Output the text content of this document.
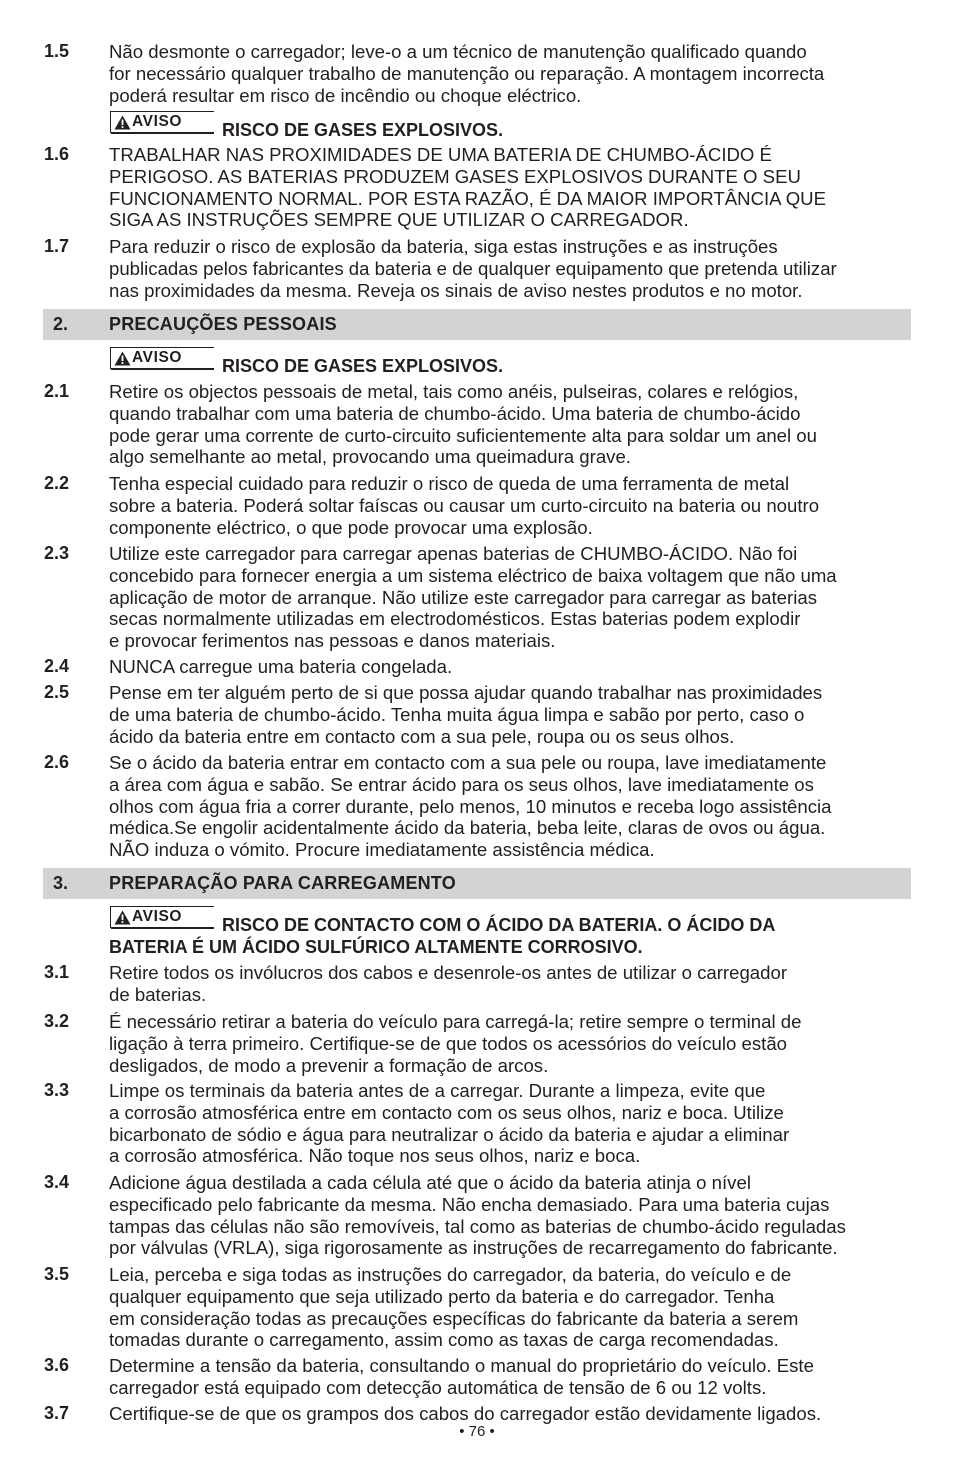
1.5 Não desmonte o carregador; leve-o a um técnico de manutenção qualificado quando
for necessário qualquer trabalho de manutenção ou reparação. A montagem incorrecta
poderá resultar em risco de incêndio ou choque eléctrico.
AVISO	RISCO DE GASES EXPLOSIVOS.
1.6 TRABALHAR NAS PROXIMIDADES DE UMA BATERIA DE CHUMBO-ÁCIDO É
PERIGOSO. AS BATERIAS PRODUZEM GASES EXPLOSIVOS DURANTE O SEU
FUNCIONAMENTO NORMAL. POR ESTA RAZÃO, É DA MAIOR IMPORTÂNCIA QUE
SIGA AS INSTRUÇÕES SEMPRE QUE UTILIZAR O CARREGADOR.
1.7 Para reduzir o risco de explosão da bateria, siga estas instruções e as instruções
publicadas pelos fabricantes da bateria e de qualquer equipamento que pretenda utilizar
nas proximidades da mesma. Reveja os sinais de aviso nestes produtos e no motor.
2. PRECAUÇÕES PESSOAIS
AVISO	RISCO DE GASES EXPLOSIVOS.
2.1 Retire os objectos pessoais de metal, tais como anéis, pulseiras, colares e relógios,
quando trabalhar com uma bateria de chumbo-ácido. Uma bateria de chumbo-ácido
pode gerar uma corrente de curto-circuito suficientemente alta para soldar um anel ou
algo semelhante ao metal, provocando uma queimadura grave.
2.2 Tenha especial cuidado para reduzir o risco de queda de uma ferramenta de metal
sobre a bateria. Poderá soltar faíscas ou causar um curto-circuito na bateria ou noutro
componente eléctrico, o que pode provocar uma explosão.
2.3 Utilize este carregador para carregar apenas baterias de CHUMBO-ÁCIDO. Não foi
concebido para fornecer energia a um sistema eléctrico de baixa voltagem que não uma
aplicação de motor de arranque. Não utilize este carregador para carregar as baterias
secas normalmente utilizadas em electrodomésticos. Estas baterias podem explodir
e provocar ferimentos nas pessoas e danos materiais.
2.4 NUNCA carregue uma bateria congelada.
2.5 Pense em ter alguém perto de si que possa ajudar quando trabalhar nas proximidades
de uma bateria de chumbo-ácido. Tenha muita água limpa e sabão por perto, caso o
ácido da bateria entre em contacto com a sua pele, roupa ou os seus olhos.
2.6 Se o ácido da bateria entrar em contacto com a sua pele ou roupa, lave imediatamente
a área com água e sabão. Se entrar ácido para os seus olhos, lave imediatamente os
olhos com água fria a correr durante, pelo menos, 10 minutos e receba logo assistência
médica.Se engolir acidentalmente ácido da bateria, beba leite, claras de ovos ou água.
NÃO induza o vómito. Procure imediatamente assistência médica.
3. PREPARAÇÃO PARA CARREGAMENTO
AVISO	RISCO DE CONTACTO COM O ÁCIDO DA BATERIA. O ÁCIDO DA
BATERIA É UM ÁCIDO SULFÚRICO ALTAMENTE CORROSIVO.
3.1 Retire todos os invólucros dos cabos e desenrole-os antes de utilizar o carregador
de baterias.
3.2 É necessário retirar a bateria do veículo para carregá-la; retire sempre o terminal de
ligação à terra primeiro. Certifique-se de que todos os acessórios do veículo estão
desligados, de modo a prevenir a formação de arcos.
3.3 Limpe os terminais da bateria antes de a carregar. Durante a limpeza, evite que
a corrosão atmosférica entre em contacto com os seus olhos, nariz e boca. Utilize
bicarbonato de sódio e água para neutralizar o ácido da bateria e ajudar a eliminar
a corrosão atmosférica. Não toque nos seus olhos, nariz e boca.
3.4 Adicione água destilada a cada célula até que o ácido da bateria atinja o nível
especificado pelo fabricante da mesma. Não encha demasiado. Para uma bateria cujas
tampas das células não são removíveis, tal como as baterias de chumbo-ácido reguladas
por válvulas (VRLA), siga rigorosamente as instruções de recarregamento do fabricante.
3.5 Leia, perceba e siga todas as instruções do carregador, da bateria, do veículo e de
qualquer equipamento que seja utilizado perto da bateria e do carregador. Tenha
em consideração todas as precauções específicas do fabricante da bateria a serem
tomadas durante o carregamento, assim como as taxas de carga recomendadas.
3.6 Determine a tensão da bateria, consultando o manual do proprietário do veículo. Este
carregador está equipado com detecção automática de tensão de 6 ou 12 volts.
3.7 Certifique-se de que os grampos dos cabos do carregador estão devidamente ligados.
• 76 •
